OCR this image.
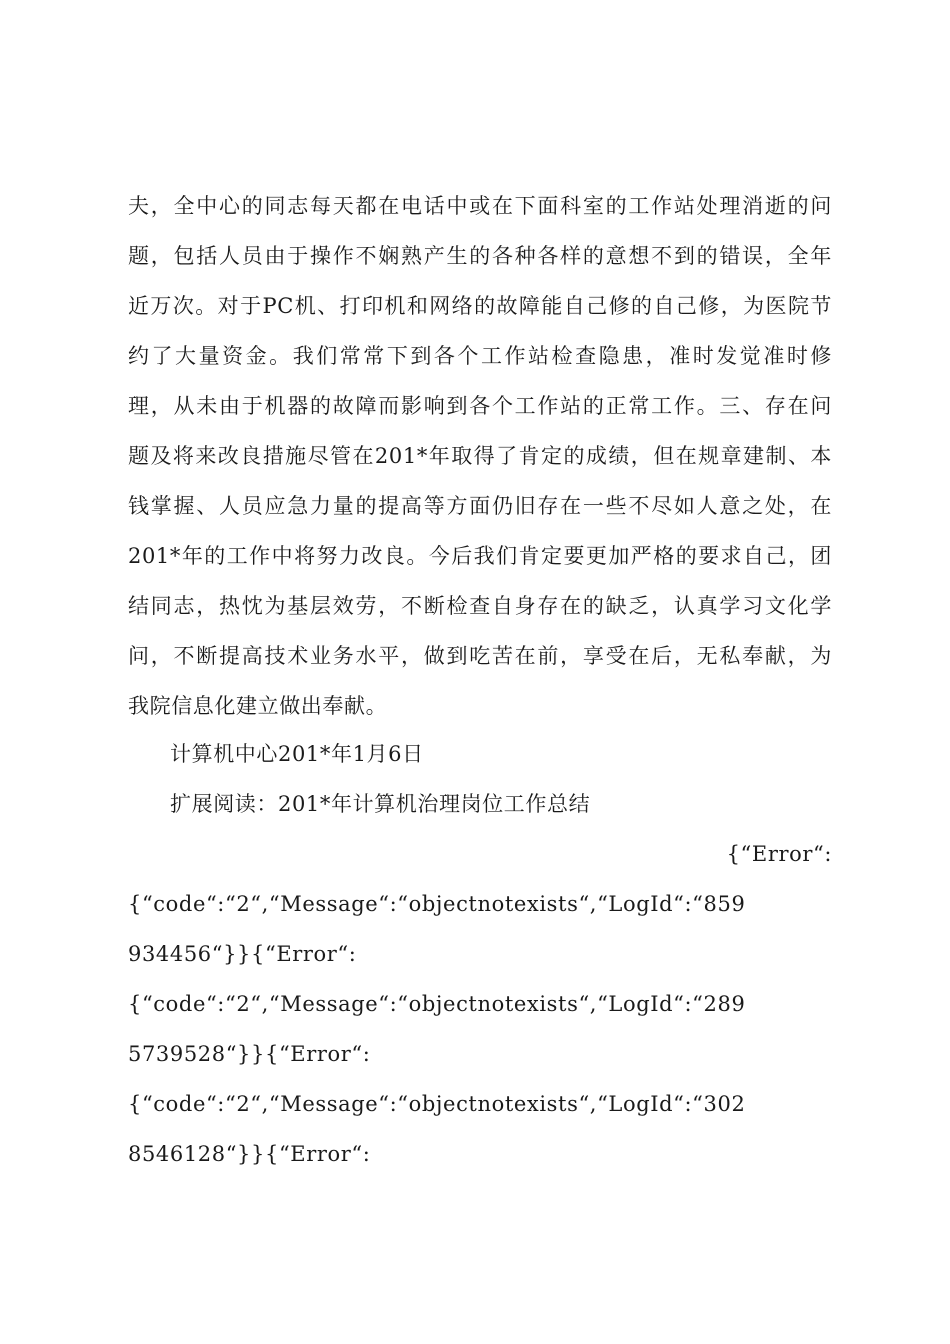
夫，全中心的同志每天都在电话中或在下面科室的工作站处理消逝的问
题，包括人员由于操作不娴熟产生的各种各样的意想不到的错误，全年
近万次。对于PC机、打印机和网络的故障能自己修的自己修，为医院节
约了大量资金。我们常常下到各个工作站检查隐患，准时发觉准时修
理，从未由于机器的故障而影响到各个工作站的正常工作。三、存在问
题及将来改良措施尽管在201*年取得了肯定的成绩，但在规章建制、本
钱掌握、人员应急力量的提高等方面仍旧存在一些不尽如人意之处，在
201*年的工作中将努力改良。今后我们肯定要更加严格的要求自己，团
结同志，热忱为基层效劳，不断检查自身存在的缺乏，认真学习文化学
问，不断提高技术业务水平，做到吃苦在前，享受在后，无私奉献，为
我院信息化建立做出奉献。
计算机中心201*年1月6日
扩展阅读：201*年计算机治理岗位工作总结
{“Error“:
{“code“:“2“,“Message“:“objectnotexists“,“LogId“:“859
934456“}}{“Error“:
{“code“:“2“,“Message“:“objectnotexists“,“LogId“:“289
5739528“}}{“Error“:
{“code“:“2“,“Message“:“objectnotexists“,“LogId“:“302
8546128“}}{“Error“:
